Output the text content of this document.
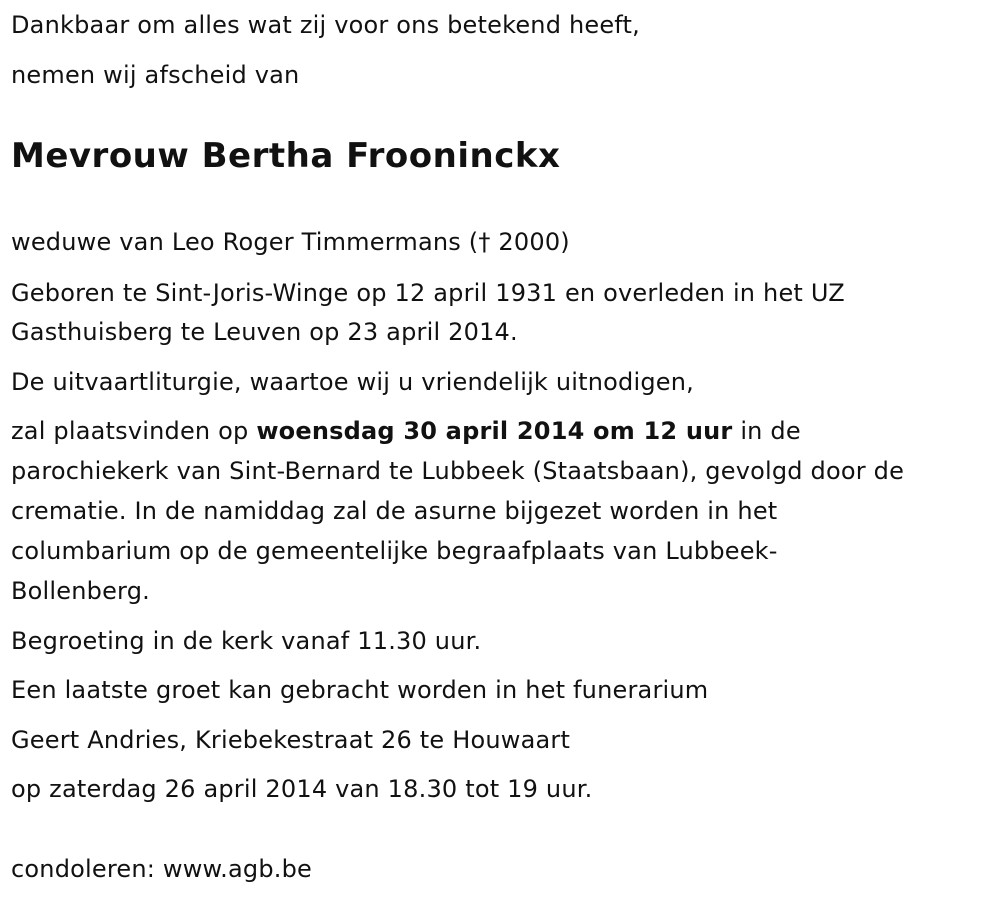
Dankbaar om alles wat zij voor ons betekend heeft,
nemen wij afscheid van
Mevrouw Bertha Frooninckx
weduwe van Leo Roger Timmermans († 2000)
Geboren te Sint-Joris-Winge op 12 april 1931 en overleden in het UZ
Gasthuisberg te Leuven op 23 april 2014.
De uitvaartliturgie, waartoe wij u vriendelijk uitnodigen,
zal plaatsvinden op woensdag 30 april 2014 om 12 uur in de
parochiekerk van Sint-Bernard te Lubbeek (Staatsbaan), gevolgd door de
crematie. In de namiddag zal de asurne bijgezet worden in het
columbarium op de gemeentelijke begraafplaats van Lubbeek-
Bollenberg.
Begroeting in de kerk vanaf 11.30 uur.
Een laatste groet kan gebracht worden in het funerarium
Geert Andries, Kriebekestraat 26 te Houwaart
op zaterdag 26 april 2014 van 18.30 tot 19 uur.
condoleren: www.agb.be
